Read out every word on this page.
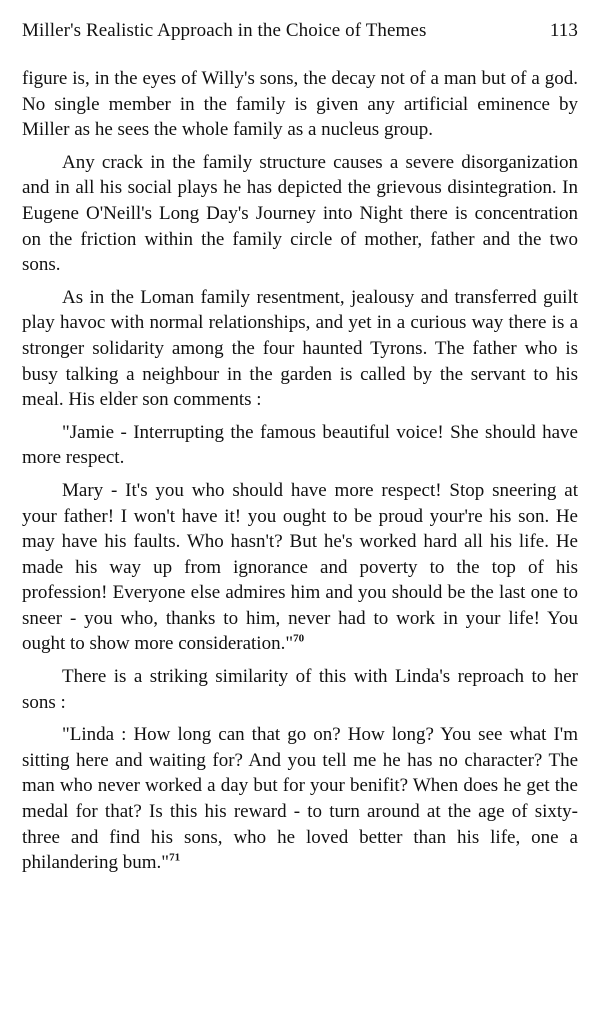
Miller's Realistic Approach in the Choice of Themes	113

figure is, in the eyes of Willy's sons, the decay not of a man but of a god. No single member in the family is given any artificial eminence by Miller as he sees the whole family as a nucleus group.

Any crack in the family structure causes a severe disorganization and in all his social plays he has depicted the grievous disintegration. In Eugene O'Neill's Long Day's Journey into Night there is concentration on the friction within the family circle of mother, father and the two sons.

As in the Loman family resentment, jealousy and transferred guilt play havoc with normal relationships, and yet in a curious way there is a stronger solidarity among the four haunted Tyrons. The father who is busy talking a neighbour in the garden is called by the servant to his meal. His elder son comments :

"Jamie - Interrupting the famous beautiful voice! She should have more respect.

Mary - It's you who should have more respect! Stop sneering at your father! I won't have it! you ought to be proud your're his son. He may have his faults. Who hasn't? But he's worked hard all his life. He made his way up from ignorance and poverty to the top of his profession! Everyone else admires him and you should be the last one to sneer - you who, thanks to him, never had to work in your life! You ought to show more consideration."$^{70}$

There is a striking similarity of this with Linda's reproach to her sons :

"Linda : How long can that go on? How long? You see what I'm sitting here and waiting for? And you tell me he has no character? The man who never worked a day but for your benifit? When does he get the medal for that? Is this his reward - to turn around at the age of sixty-three and find his sons, who he loved better than his life, one a philandering bum."$^{71}$
